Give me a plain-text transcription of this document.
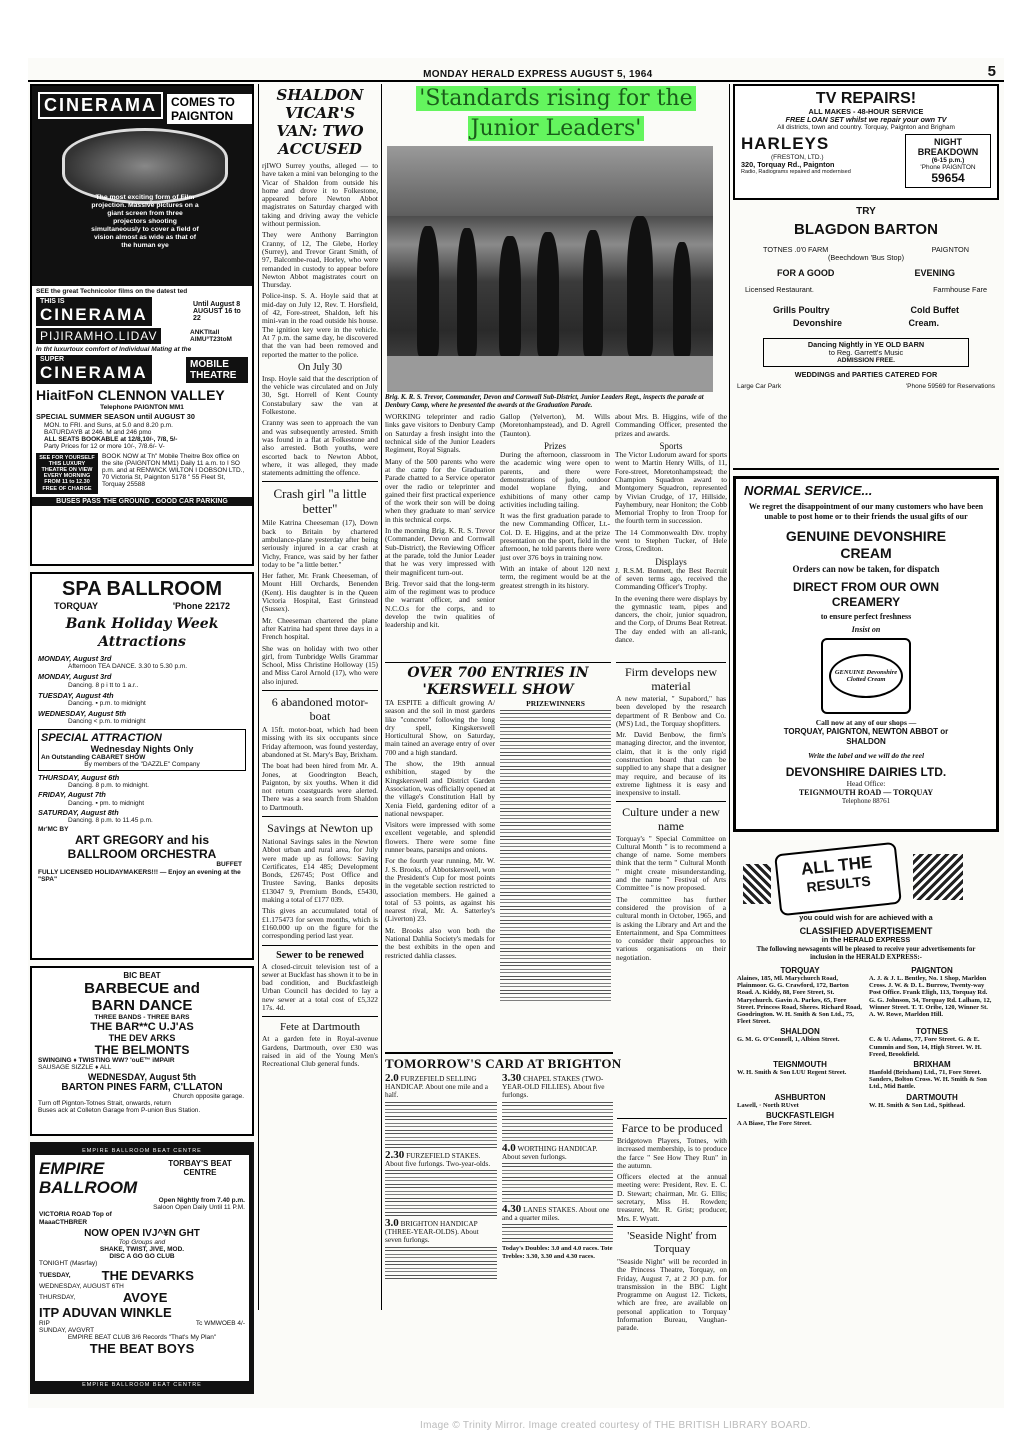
MONDAY HERALD EXPRESS AUGUST 5, 1964	5
CINERAMA	COMES TO PAIGNTON
The most exciting form of Film projection. Massive pictures on a giant screen from three projectors shooting simultaneously to cover a field of vision almost as wide as that of the human eye
SEE the great Technicolor films on the datest ted
THIS IS
CINERAMA
Until August 8 AUGUST 16 to 22
PIJIRAMHO.LIDAV	ANKTItall AIMU°T23toM
In tht luxurtoux comfort of Individual Mating at the
SUPER
CINERAMA	MOBILE THEATRE
HiaitFoN CLENNON VALLEY
Telephone PAIGNTON MM1
SPECIAL SUMMER SEASON until AUGUST 30
MON. to FRI. and Suns, at 5.0 and 8.20 p.m.
BATURDAYB at 246. M and 246 pmo
ALL SEATS BOOKABLE at 12/8,10/-, 7/8, 5/-
Party Prices for 12 or more 10/-, 7/8.6/- V-
SEE FOR YOURSELF THIS LUXURY THEATRE ON VIEW EVERY MORNING FROM 11 to 12.30 FREE OF CHARGE
BOOK NOW at Th" Mobile Theitre Box office on the site (PAIGNTON MM1) Daily 11 a.m. to I SO p.m. and at RENWICK WILTON I DOBSON LTD., 70 Victoria St, Paignton 5178 " 55 Fleet St, Torquay 25588
BUSES PASS THE GROUND . GOOD CAR PARKING
SPA BALLROOM
TORQUAY	'Phone 22172
Bank Holiday Week Attractions
MONDAY, August 3rd
Afternoon TEA DANCE. 3.30 to 5.30 p.m.
MONDAY, August 3rd
Dancing. 8 p i tt to 1 a.r..
TUESDAY, August 4th
Dancing. ▪ p.m. to midnight
WEDNESDAY, August 5th
Dancing < p.m. to midnight
SPECIAL ATTRACTION
Wednesday Nights Only
An Outstanding CABARET SHOW
By members of the "DAZZLE" Company
THURSDAY, August 6th
Dancing. 8 p.m. to midnight.
FRIDAY, August 7th
Dancing. ▪ pm. to midnight
SATURDAY, August 8th
Dancing. 8 p.m. to 11.45 p.m.
Mr'MC BY
ART GREGORY and his BALLROOM ORCHESTRA
BUFFET
FULLY LICENSED HOLIDAYMAKERS!!! — Enjoy an evening at the "SPA"
BIC BEAT
BARBECUE and
BARN DANCE
THREE BANDS - THREE BARS
THE BAR**C U.J'AS
THE DEV ARKS
THE BELMONTS
SWINGING ♦ TWISTING WW? 'ouE™ iMPAIR
SAUSAGE SIZZLE ♦ ALL
WEDNESDAY, August 5th
BARTON PINES FARM, C'LLATON
Church opposite garage.
Turn off Pignton-Totnes Strait, onwards, return
Buses ack at Colleton Garage from P-union Bus Station.
EMPIRE BALLROOM BEAT CENTRE
EMPIRE BALLROOM
TORBAY'S BEAT CENTRE
Open Nightly from 7.40 p.m.
Saloon Open Daily Until 11 P.M.
VICTORIA ROAD Top of MaaaCTHBRER
NOW OPEN IVJ^¥N GHT
Top Groups and
SHAKE, TWIST, JIVE, MOD.
DISC A GO GO CLUB
TONIGHT (Masrfay)
TUESDAY, THE DEVARKS
WEDNESDAY, AUGUST 6TH
THURSDAY,	AVOYE
ITP ADUVAN WINKLE
RIP	Tc WMWOEB 4/-
SUNDAY, AVGVRT
EMPIRE BEAT CLUB 3/6 Records "That's My Plan"
THE BEAT BOYS
EMPIRE BALLROOM BEAT CENTRE
SHALDON VICAR'S VAN: TWO ACCUSED

rjIWO Surrey youths, alleged — to have taken a mini van belonging to the Vicar of Shaldon from outside his home and drove it to Folkestone, appeared before Newton Abbot magistrates on Saturday charged with taking and driving away the vehicle without permission.

They were Anthony Barrington Cranny, of 12, The Glebe, Horley (Surrey), and Trevor Grant Smith, of 97, Balcombe-road, Horley, who were remanded in custody to appear before Newton Abbot magistrates court on Thursday.

Police-insp. S. A. Hoyle said that at mid-day on July 12, Rev. T. Horsfield, of 42, Fore-street, Shaldon, left his mini-van in the road outside his house. The ignition key were in the vehicle. At 7 p.m. the same day, he discovered that the van had been removed and reported the matter to the police.

On July 30

Insp. Hoyle said that the description of the vehicle was circulated and on July 30, Sgt. Horrell of Kent County Constabulary saw the van at Folkestone.

Cranny was seen to approach the van and was subsequently arrested. Smith was found in a flat at Folkestone and also arrested. Both youths, were escorted back to Newton Abbot, where, it was alleged, they made statements admitting the offence.

Crash girl "a little better"

Mile Katrina Cheeseman (17), Down back to Britain by chartered ambulance-plane yesterday after being seriously injured in a car crash at Vichy, France, was said by her father today to be "a little better."

Her father, Mr. Frank Cheeseman, of Mount Hill Orchards, Benenden (Kent). His daughter is in the Queen Victoria Hospital, East Grinstead (Sussex).

Mr. Cheeseman chartered the plane after Katrina had spent three days in a French hospital.

She was on holiday with two other girl, from Tunbridge Wells Grammar School, Miss Christine Holloway (15) and Miss Carol Arnold (17), who were also injured.

6 abandoned motor-boat

A 15ft. motor-boat, which had been missing with its six occupants since Friday afternoon, was found yesterday, abandoned at St. Mary's Bay, Brixham.

The boat had been hired from Mr. A. Jones, at Goodrington Beach, Paignton, by six youths. When it did not return coastguards were alerted. There was a sea search from Shaldon to Dartmouth.

Savings at Newton up

National Savings sales in the Newton Abbot urban and rural area, for July were made up as follows: Saving Certificates, £14 485; Development Bonds, £26745; Post Office and Trustee Saving, Banks deposits £13047 9, Premium Bonds, £5430, making a total of £177 039.

This gives an accumulated total of £1.175473 for seven months, which is £160.000 up on the figure for the corresponding period last year.

Sewer to be renewed

A closed-circuit television test of a sewer at Buckfast has shown it to be in bad condition, and Buckfastleigh Urban Council has decided to lay a new sewer at a total cost of £5,322 17s. 4d.

Fete at Dartmouth

At a garden fete in Royal-avenue Gardens, Dartmouth, over £30 was raised in aid of the Young Men's Recreational Club general funds.

'Standards rising for the Junior Leaders'
Brig. K. R. S. Trevor, Commander, Devon and Cornwall Sub-District, Junior Leaders Regt., inspects the parade at Denbury Camp, where he presented the awards at the Graduation Parade.

WORKING teleprinter and radio links gave visitors to Denbury Camp on Saturday a fresh insight into the technical side of the Junior Leaders Regiment, Royal Signals.

Many of the 500 parents who were at the camp for the Graduation Parade chatted to a Service operator over the radio or teleprinter and gained their first practical experience of the work their son will be doing when they graduate to man' service in this technical corps.

In the morning Brig. K. R. S. Trevor (Commander, Devon and Cornwall Sub-District), the Reviewing Officer at the parade, told the Junior Leader that he was very impressed with their magnificent turn-out.

Brig. Trevor said that the long-term aim of the regiment was to produce the warrant officer, and senior N.C.O.s for the corps, and to develop the twin qualities of leadership and kit.

Gallop (Yelverton), M. Wills (Moretonhampstead), and D. Agrell (Taunton).

Prizes

During the afternoon, classroom in the academic wing were open to parents, and there were demonstrations of judo, outdoor model woplane flying, and exhibitions of many other camp activities including tailing.

It was the first graduation parade to the new Commanding Officer, Lt.-Col. D. E. Higgins, and at the prize presentation on the sport, field in the afternoon, he told parents there were just over 376 boys in training now.

With an intake of about 120 next term, the regiment would be at the greatest strength in its history.

about Mrs. B. Higgins, wife of the Commanding Officer, presented the prizes and awards.

Sports

The Victor Ludorum award for sports went to Martin Henry Wills, of 11, Fore-street, Moretonhampstead; the Champion Squadron award to Montgomery Squadron, represented by Vivian Crudge, of 17, Hillside, Payhembury, near Honiton; the Cobb Memorial Trophy to Iron Troop for the fourth term in succession.

The 14 Commonwealth Div. trophy went to Stephen Tucker, of Hele Cross, Crediton.

Displays

J. R.S.M. Bonnett, the Best Recruit of seven terms ago, received the Commanding Officer's Trophy.

In the evening there were displays by the gymnastic team, pipes and dancers, the choir, junior squadron, and the Corp, of Drums Beat Retreat. The day ended with an all-rank, dance.

OVER 700 ENTRIES IN 'KERSWELL SHOW

TA ESPITE a difficult growing A/ season and the soil in most gardens like "concrete" following the long dry spell, Kingskerswell Horticultural Show, on Saturday, main tained an average entry of over 700 and a high standard.

The show, the 19th annual exhibition, staged by the Kingskerswell and District Garden Association, was officially opened at the village's Constitution Hall by Xenia Field, gardening editor of a national newspaper.

Visitors were impressed with some excellent vegetable, and splendid flowers. There were some fine runner beans, parsnips and onions.

For the fourth year running, Mr. W. J. S. Brooks, of Abbotskerswell, won the President's Cup for most points in the vegetable section restricted to association members. He gained a total of 53 points, as against his nearest rival, Mr. A. Satterley's (Liverton) 23.

Mr. Brooks also won both the National Dahlia Society's medals for the best exhibits in the open and restricted dahlia classes.

PRIZEWINNERS
Firm develops new material

A new material, " Supabord," has been developed by the research department of R Benbow and Co. (M'S) Ltd., the Torquay shopfitters.

Mr. David Benbow, the firm's managing director, and the inventor, claim, that it is the only rigid construction board that can be supplied to any shape that a designer may require, and because of its extreme lightness it is easy and inexpensive to install.

Culture under a new name

Torquay's " Special Committee on Cultural Month " is to recommend a change of name. Some members think that the term " Cultural Month " might create misunderstanding, and the name " Festival of Arts Committee " is now proposed.

The committee has further considered the provision of a cultural month in October, 1965, and is asking the Library and Art and the Entertainment, and Spa Committees to consider their approaches to various organisations on their negotiation.

TOMORROW'S CARD AT BRIGHTON
2.0 FURZEFIELD SELLING HANDICAP. About one mile and a half.
2.30 FURZEFIELD STAKES. About five furlongs. Two-year-olds.
3.0 BRIGHTON HANDICAP (THREE-YEAR-OLDS). About seven furlongs.
3.30 CHAPEL STAKES (TWO-YEAR-OLD FILLIES). About five furlongs.
4.0 WORTHING HANDICAP. About seven furlongs.
4.30 LANES STAKES. About one and a quarter miles.
Today's Doubles: 3.0 and 4.0 races. Tote Trebles: 3.30, 3.30 and 4.30 races.
Farce to be produced

Bridgetown Players, Totnes, with increased membership, is to produce the farce " See How They Run" in the autumn.

Officers elected at the annual meeting were: President, Rev. E. C. D. Stewart; chairman, Mr. G. Ellis; secretary, Miss H. Rowden; treasurer, Mr. R. Grist; producer, Mrs. F. Wyatt.

'Seaside Night' from Torquay

"Seaside Night" will be recorded in the Princess Theatre, Torquay, on Friday, August 7, at 2 JO p.m. for transmission in the BBC Light Programme on August 12. Tickets, which are free, are available on personal application to Torquay Information Bureau, Vaughan-parade.

TV REPAIRS!
ALL MAKES - 48-HOUR SERVICE
FREE LOAN SET whilst we repair your own TV
All districts, town and country. Torquay, Paignton and Brigham
HARLEYS
(FRESTON, LTD.)
320, Torquay Rd., Paignton
Radio, Radiograms repaired and modernised
NIGHT BREAKDOWN
(6-15 p.m.)
'Phone PAIGNTON
59654
TRY
BLAGDON BARTON
TOTNES .0'0 FARM	PAIGNTON
(Beechdown 'Bus Stop)
FOR A GOOD	EVENING
Licensed Restaurant.	Farmhouse Fare
Grills Poultry	Cold Buffet
Devonshire	Cream.
Dancing Nightly in YE OLD BARN
to Reg. Garrett's Music
ADMISSION FREE.
WEDDINGS and PARTIES CATERED FOR
Large Car Park	'Phone 59569 for Reservations
NORMAL SERVICE...
We regret the disappointment of our many customers who have been unable to post home or to their friends the usual gifts of our
GENUINE DEVONSHIRE CREAM
Orders can now be taken, for dispatch
DIRECT FROM OUR OWN CREAMERY
to ensure perfect freshness
Insist on
GENUINE Devonshire Clotted Cream
Call now at any of our shops —
TORQUAY, PAIGNTON, NEWTON ABBOT or SHALDON
Write the label and we will do the reel
DEVONSHIRE DAIRIES LTD.
Head Office:
TEIGNMOUTH ROAD — TORQUAY
Telephone 88761
ALL THE
RESULTS
you could wish for are achieved with a
CLASSIFIED ADVERTISEMENT
in the HERALD EXPRESS
The following newsagents will be pleased to receive your advertisements for inclusion in the HERALD EXPRESS:-
TORQUAY
Alaines, 185, Ml. Marychurch Road, Plainmoor. G. G. Crawford, 172, Barton Road. A. Kiddy, 88, Fore Street, St. Marychurch. Gavin A. Parkes, 65, Fore Street. Princess Road, Sheres. Richard Road, Goodrington. W. H. Smith & Son Ltd., 75, Fleet Street.
PAIGNTON
A. J. & J. L. Bentley, No. 1 Shop, Marldon Cross. J. W. & D. L. Burrow, Twenty-way Post Office. Frank Eligh, 113, Torquay Rd. G. G. Johnson, 34, Torquay Rd. Lalham, 12, Winner Street. T. T. Oribe, 120, Winner St. A. W. Rowe, Marldon Hill.
SHALDON
G. M. G. O'Connell, 1, Albion Street.
TOTNES
C. & U. Adams, 77, Fore Street. G. & E. Cummin and Son, 14, High Street. W. H. Freed, Brookfield.
TEIGNMOUTH
W. H. Smith & Son LUU Regent Street.
BRIXHAM
Hanfold (Brixham) Ltd., 71, Fore Street. Sanders, Bolton Cross. W. H. Smith & Son Ltd., Mid Battle.
ASHBURTON
Lawell, · North RUvet
DARTMOUTH
W. H. Smith & Son Ltd., Spithead.
BUCKFASTLEIGH
A A Biase, The Fore Street.
Image © Trinity Mirror. Image created courtesy of THE BRITISH LIBRARY BOARD.
